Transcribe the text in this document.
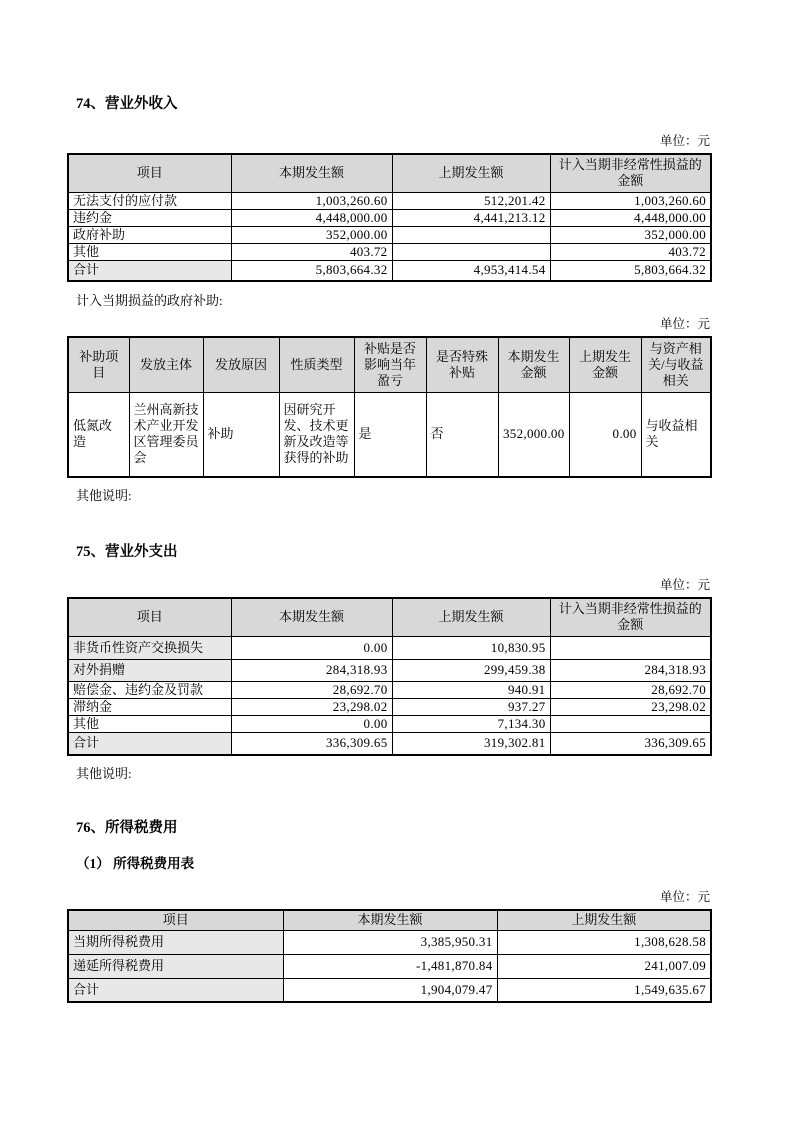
74、营业外收入
单位：元
项目	本期发生额	上期发生额	计入当期非经常性损益的金额
无法支付的应付款	1,003,260.60	512,201.42	1,003,260.60
违约金	4,448,000.00	4,441,213.12	4,448,000.00
政府补助	352,000.00		352,000.00
其他	403.72		403.72
合计	5,803,664.32	4,953,414.54	5,803,664.32
计入当期损益的政府补助:
单位：元
补助项目	发放主体	发放原因	性质类型	补贴是否影响当年盈亏	是否特殊补贴	本期发生金额	上期发生金额	与资产相关/与收益相关
低氮改造	兰州高新技术产业开发区管理委员会	补助	因研究开发、技术更新及改造等获得的补助	是	否	352,000.00	0.00	与收益相关
其他说明:
75、营业外支出
单位：元
项目	本期发生额	上期发生额	计入当期非经常性损益的金额
非货币性资产交换损失	0.00	10,830.95	
对外捐赠	284,318.93	299,459.38	284,318.93
赔偿金、违约金及罚款	28,692.70	940.91	28,692.70
滞纳金	23,298.02	937.27	23,298.02
其他	0.00	7,134.30	
合计	336,309.65	319,302.81	336,309.65
其他说明:
76、所得税费用
（1） 所得税费用表
单位：元
项目	本期发生额	上期发生额
当期所得税费用	3,385,950.31	1,308,628.58
递延所得税费用	-1,481,870.84	241,007.09
合计	1,904,079.47	1,549,635.67
